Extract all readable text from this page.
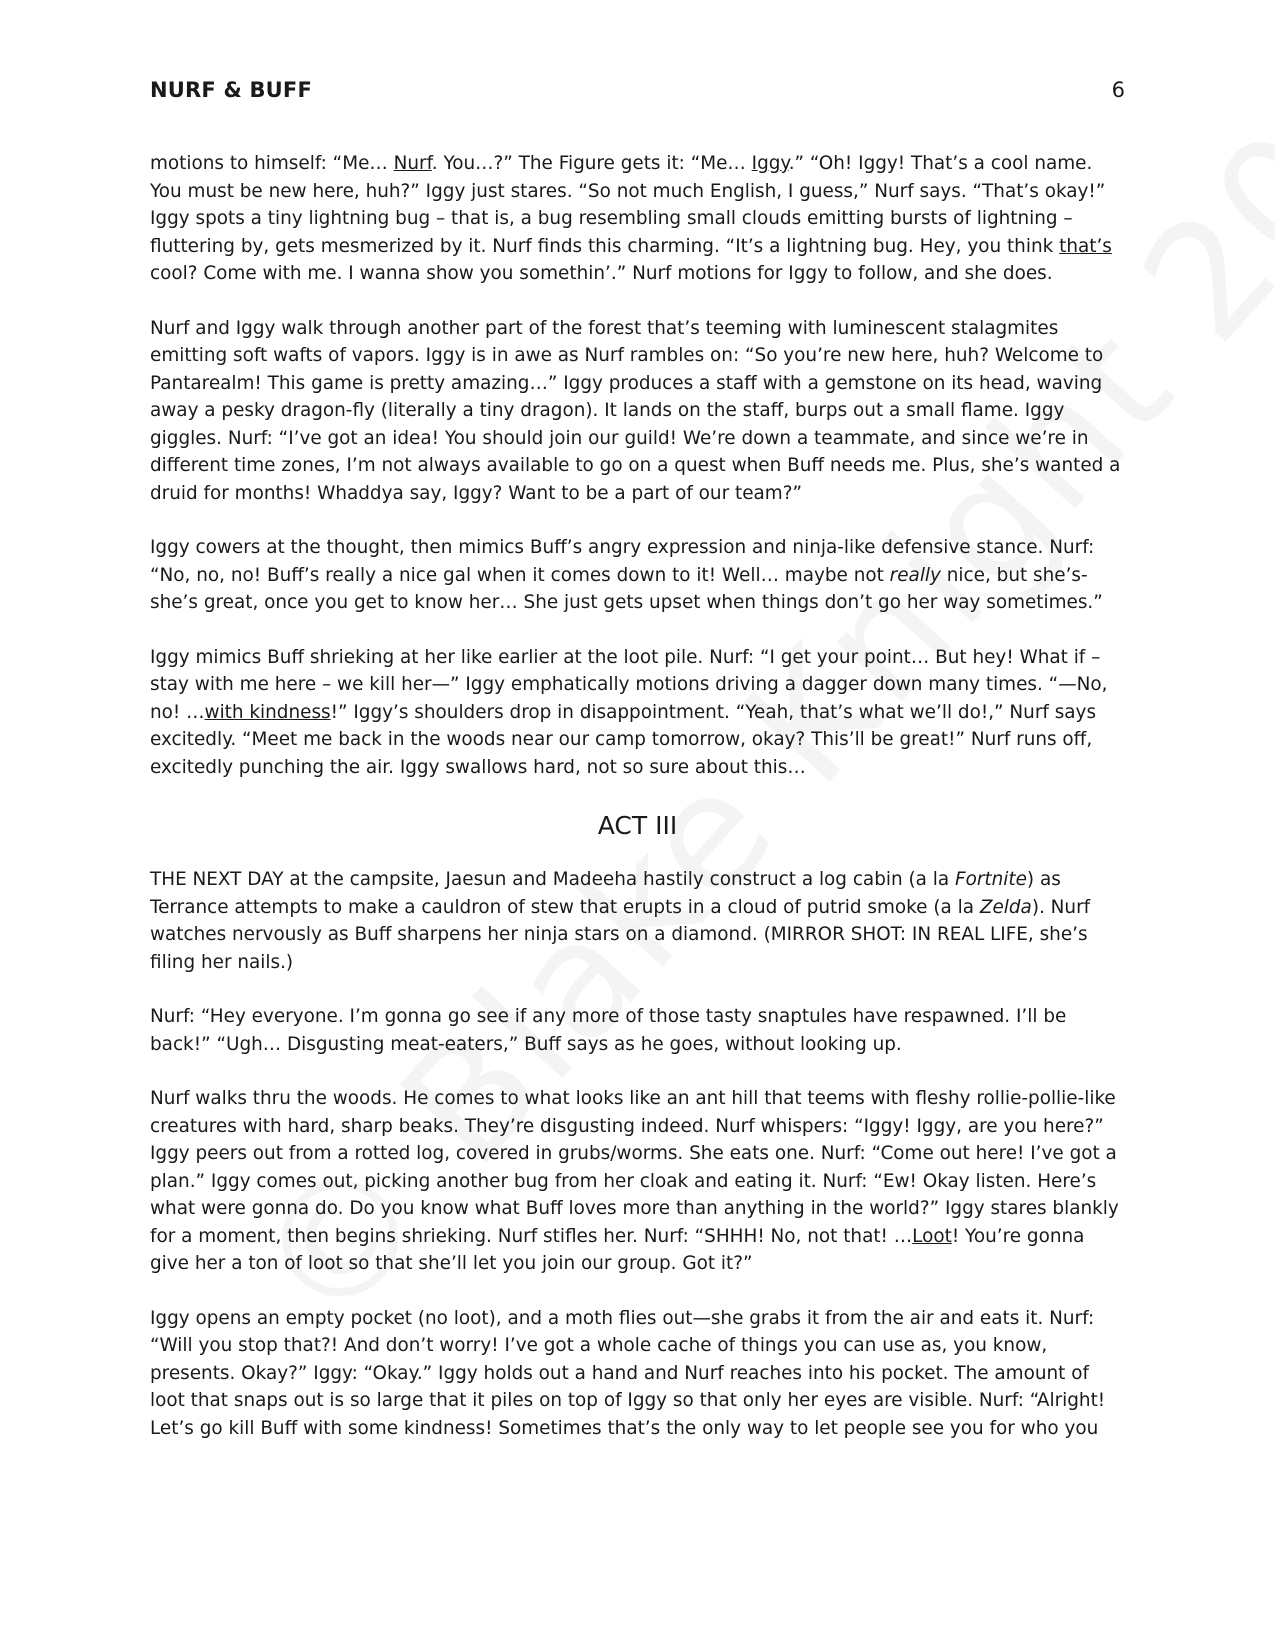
NURF & BUFF	6

motions to himself: “Me… Nurf. You…?” The Figure gets it: “Me… Iggy.” “Oh! Iggy! That’s a cool name. You must be new here, huh?” Iggy just stares. “So not much English, I guess,” Nurf says. “That’s okay!” Iggy spots a tiny lightning bug – that is, a bug resembling small clouds emitting bursts of lightning – fluttering by, gets mesmerized by it. Nurf finds this charming. “It’s a lightning bug. Hey, you think that’s cool? Come with me. I wanna show you somethin’.” Nurf motions for Iggy to follow, and she does.

Nurf and Iggy walk through another part of the forest that’s teeming with luminescent stalagmites emitting soft wafts of vapors. Iggy is in awe as Nurf rambles on: “So you’re new here, huh? Welcome to Pantarealm! This game is pretty amazing…” Iggy produces a staff with a gemstone on its head, waving away a pesky dragon-fly (literally a tiny dragon). It lands on the staff, burps out a small flame. Iggy giggles. Nurf: “I’ve got an idea! You should join our guild! We’re down a teammate, and since we’re in different time zones, I’m not always available to go on a quest when Buff needs me. Plus, she’s wanted a druid for months! Whaddya say, Iggy? Want to be a part of our team?”

Iggy cowers at the thought, then mimics Buff’s angry expression and ninja-like defensive stance. Nurf: “No, no, no! Buff’s really a nice gal when it comes down to it! Well… maybe not really nice, but she’s-she’s great, once you get to know her… She just gets upset when things don’t go her way sometimes.”

Iggy mimics Buff shrieking at her like earlier at the loot pile. Nurf: “I get your point… But hey! What if – stay with me here – we kill her—” Iggy emphatically motions driving a dagger down many times. “—No, no! …with kindness!” Iggy’s shoulders drop in disappointment. “Yeah, that’s what we’ll do!,” Nurf says excitedly. “Meet me back in the woods near our camp tomorrow, okay? This’ll be great!” Nurf runs off, excitedly punching the air. Iggy swallows hard, not so sure about this…

ACT III

THE NEXT DAY at the campsite, Jaesun and Madeeha hastily construct a log cabin (a la Fortnite) as Terrance attempts to make a cauldron of stew that erupts in a cloud of putrid smoke (a la Zelda). Nurf watches nervously as Buff sharpens her ninja stars on a diamond. (MIRROR SHOT: IN REAL LIFE, she’s filing her nails.)

Nurf: “Hey everyone. I’m gonna go see if any more of those tasty snaptules have respawned. I’ll be back!” “Ugh… Disgusting meat-eaters,” Buff says as he goes, without looking up.

Nurf walks thru the woods. He comes to what looks like an ant hill that teems with fleshy rollie-pollie-like creatures with hard, sharp beaks. They’re disgusting indeed. Nurf whispers: “Iggy! Iggy, are you here?” Iggy peers out from a rotted log, covered in grubs/worms. She eats one. Nurf: “Come out here! I’ve got a plan.” Iggy comes out, picking another bug from her cloak and eating it. Nurf: “Ew! Okay listen. Here’s what were gonna do. Do you know what Buff loves more than anything in the world?” Iggy stares blankly for a moment, then begins shrieking. Nurf stifles her. Nurf: “SHHH! No, not that! …Loot! You’re gonna give her a ton of loot so that she’ll let you join our group. Got it?”

Iggy opens an empty pocket (no loot), and a moth flies out—she grabs it from the air and eats it. Nurf: “Will you stop that?! And don’t worry! I’ve got a whole cache of things you can use as, you know, presents. Okay?” Iggy: “Okay.” Iggy holds out a hand and Nurf reaches into his pocket. The amount of loot that snaps out is so large that it piles on top of Iggy so that only her eyes are visible. Nurf: “Alright! Let’s go kill Buff with some kindness! Sometimes that’s the only way to let people see you for who you
